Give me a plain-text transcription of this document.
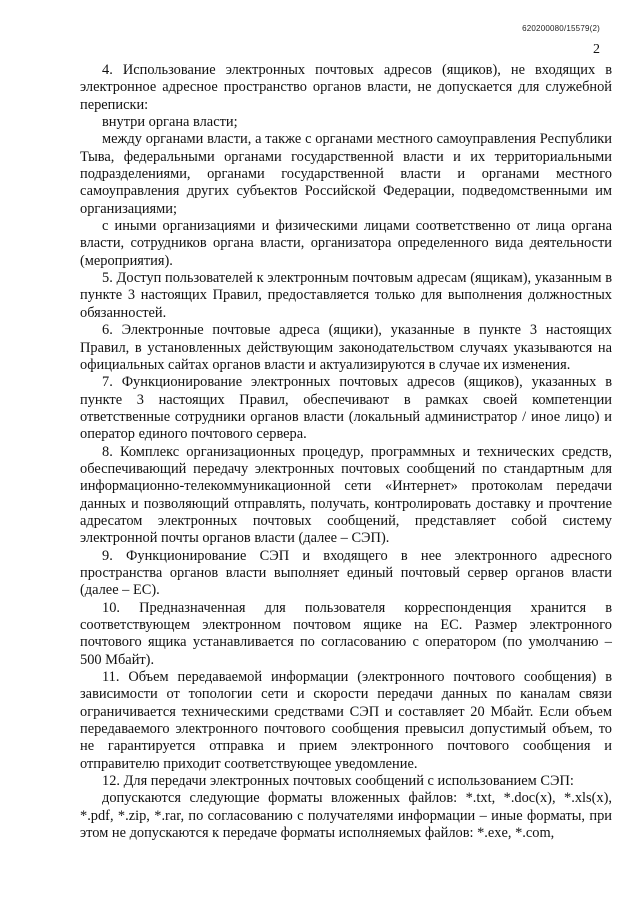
620200080/15579(2)
2

4. Использование электронных почтовых адресов (ящиков), не входящих в электронное адресное пространство органов власти, не допускается для служебной переписки:

внутри органа власти;

между органами власти, а также с органами местного самоуправления Республики Тыва, федеральными органами государственной власти и их территориальными подразделениями, органами государственной власти и органами местного самоуправления других субъектов Российской Федерации, подведомственными им организациями;

с иными организациями и физическими лицами соответственно от лица органа власти, сотрудников органа власти, организатора определенного вида деятельности (мероприятия).

5. Доступ пользователей к электронным почтовым адресам (ящикам), указанным в пункте 3 настоящих Правил, предоставляется только для выполнения должностных обязанностей.

6. Электронные почтовые адреса (ящики), указанные в пункте 3 настоящих Правил, в установленных действующим законодательством случаях указываются на официальных сайтах органов власти и актуализируются в случае их изменения.

7. Функционирование электронных почтовых адресов (ящиков), указанных в пункте 3 настоящих Правил, обеспечивают в рамках своей компетенции ответственные сотрудники органов власти (локальный администратор / иное лицо) и оператор единого почтового сервера.

8. Комплекс организационных процедур, программных и технических средств, обеспечивающий передачу электронных почтовых сообщений по стандартным для информационно-телекоммуникационной сети «Интернет» протоколам передачи данных и позволяющий отправлять, получать, контролировать доставку и прочтение адресатом электронных почтовых сообщений, представляет собой систему электронной почты органов власти (далее – СЭП).

9. Функционирование СЭП и входящего в нее электронного адресного пространства органов власти выполняет единый почтовый сервер органов власти (далее – ЕС).

10. Предназначенная для пользователя корреспонденция хранится в соответствующем электронном почтовом ящике на ЕС. Размер электронного почтового ящика устанавливается по согласованию с оператором (по умолчанию – 500 Мбайт).

11. Объем передаваемой информации (электронного почтового сообщения) в зависимости от топологии сети и скорости передачи данных по каналам связи ограничивается техническими средствами СЭП и составляет 20 Мбайт. Если объем передаваемого электронного почтового сообщения превысил допустимый объем, то не гарантируется отправка и прием электронного почтового сообщения и отправителю приходит соответствующее уведомление.

12. Для передачи электронных почтовых сообщений с использованием СЭП:

допускаются следующие форматы вложенных файлов: *.txt, *.doc(x), *.xls(x), *.pdf, *.zip, *.rar, по согласованию с получателями информации – иные форматы, при этом не допускаются к передаче форматы исполняемых файлов: *.exe, *.com,
